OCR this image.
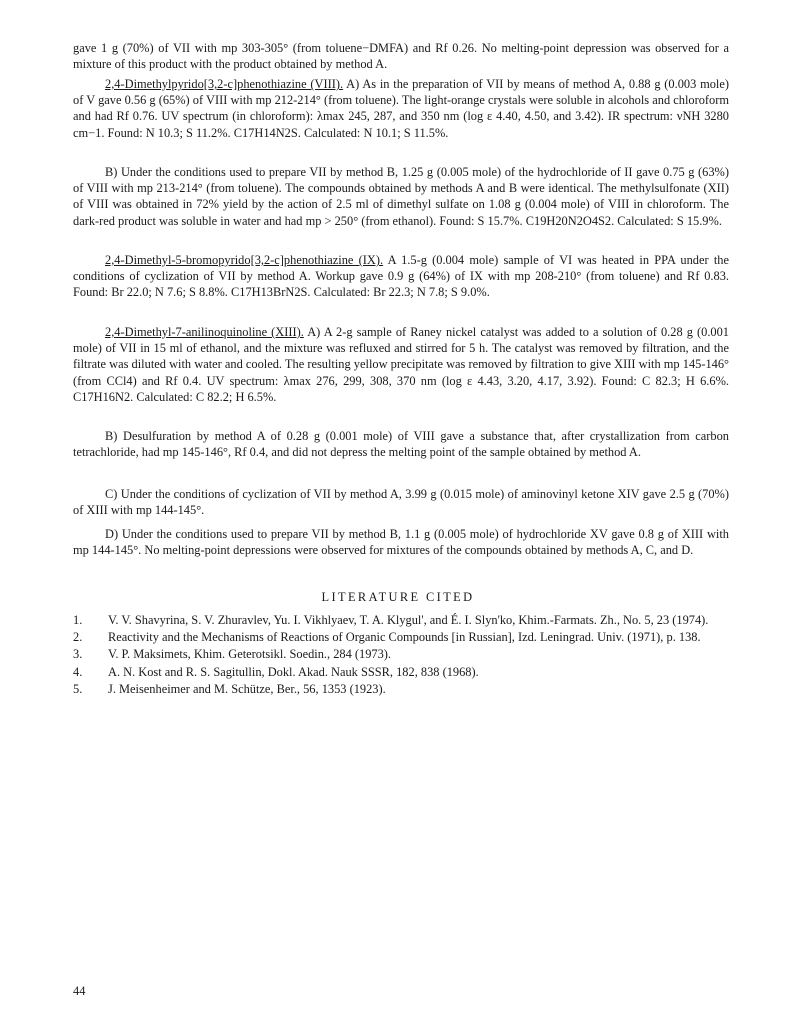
gave 1 g (70%) of VII with mp 303-305° (from toluene−DMFA) and Rf 0.26. No melting-point depression was observed for a mixture of this product with the product obtained by method A.

2,4-Dimethylpyrido[3,2-c]phenothiazine (VIII). A) As in the preparation of VII by means of method A, 0.88 g (0.003 mole) of V gave 0.56 g (65%) of VIII with mp 212-214° (from toluene). The light-orange crystals were soluble in alcohols and chloroform and had Rf 0.76. UV spectrum (in chloroform): λmax 245, 287, and 350 nm (log ε 4.40, 4.50, and 3.42). IR spectrum: νNH 3280 cm−1. Found: N 10.3; S 11.2%. C17H14N2S. Calculated: N 10.1; S 11.5%.

B) Under the conditions used to prepare VII by method B, 1.25 g (0.005 mole) of the hydrochloride of II gave 0.75 g (63%) of VIII with mp 213-214° (from toluene). The compounds obtained by methods A and B were identical. The methylsulfonate (XII) of VIII was obtained in 72% yield by the action of 2.5 ml of dimethyl sulfate on 1.08 g (0.004 mole) of VIII in chloroform. The dark-red product was soluble in water and had mp > 250° (from ethanol). Found: S 15.7%. C19H20N2O4S2. Calculated: S 15.9%.

2,4-Dimethyl-5-bromopyrido[3,2-c]phenothiazine (IX). A 1.5-g (0.004 mole) sample of VI was heated in PPA under the conditions of cyclization of VII by method A. Workup gave 0.9 g (64%) of IX with mp 208-210° (from toluene) and Rf 0.83. Found: Br 22.0; N 7.6; S 8.8%. C17H13BrN2S. Calculated: Br 22.3; N 7.8; S 9.0%.

2,4-Dimethyl-7-anilinoquinoline (XIII). A) A 2-g sample of Raney nickel catalyst was added to a solution of 0.28 g (0.001 mole) of VII in 15 ml of ethanol, and the mixture was refluxed and stirred for 5 h. The catalyst was removed by filtration, and the filtrate was diluted with water and cooled. The resulting yellow precipitate was removed by filtration to give XIII with mp 145-146° (from CCl4) and Rf 0.4. UV spectrum: λmax 276, 299, 308, 370 nm (log ε 4.43, 3.20, 4.17, 3.92). Found: C 82.3; H 6.6%. C17H16N2. Calculated: C 82.2; H 6.5%.

B) Desulfuration by method A of 0.28 g (0.001 mole) of VIII gave a substance that, after crystallization from carbon tetrachloride, had mp 145-146°, Rf 0.4, and did not depress the melting point of the sample obtained by method A.

C) Under the conditions of cyclization of VII by method A, 3.99 g (0.015 mole) of aminovinyl ketone XIV gave 2.5 g (70%) of XIII with mp 144-145°.

D) Under the conditions used to prepare VII by method B, 1.1 g (0.005 mole) of hydrochloride XV gave 0.8 g of XIII with mp 144-145°. No melting-point depressions were observed for mixtures of the compounds obtained by methods A, C, and D.

LITERATURE CITED
1.	V. V. Shavyrina, S. V. Zhuravlev, Yu. I. Vikhlyaev, T. A. Klygul', and É. I. Slyn'ko, Khim.-Farmats. Zh., No. 5, 23 (1974).
2.	Reactivity and the Mechanisms of Reactions of Organic Compounds [in Russian], Izd. Leningrad. Univ. (1971), p. 138.
3.	V. P. Maksimets, Khim. Geterotsikl. Soedin., 284 (1973).
4.	A. N. Kost and R. S. Sagitullin, Dokl. Akad. Nauk SSSR, 182, 838 (1968).
5.	J. Meisenheimer and M. Schütze, Ber., 56, 1353 (1923).
44
